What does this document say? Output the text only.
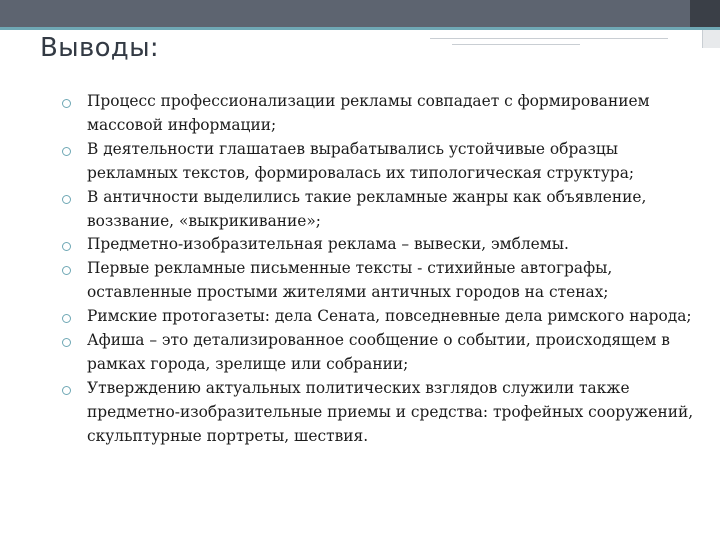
Выводы:
Процесс профессионализации рекламы совпадает с формированием массовой информации;
В деятельности глашатаев вырабатывались устойчивые образцы рекламных текстов, формировалась их типологическая структура;
В античности выделились такие рекламные жанры как объявление, воззвание, «выкрикивание»;
Предметно-изобразительная реклама – вывески, эмблемы.
Первые рекламные письменные тексты - стихийные автографы, оставленные простыми жителями античных городов на стенах;
Римские протогазеты: дела Сената, повседневные дела римского народа;
Афиша – это детализированное сообщение о событии, происходящем в рамках города, зрелище или собрании;
Утверждению актуальных политических взглядов служили также предметно-изобразительные приемы и средства: трофейных сооружений, скульптурные портреты, шествия.
